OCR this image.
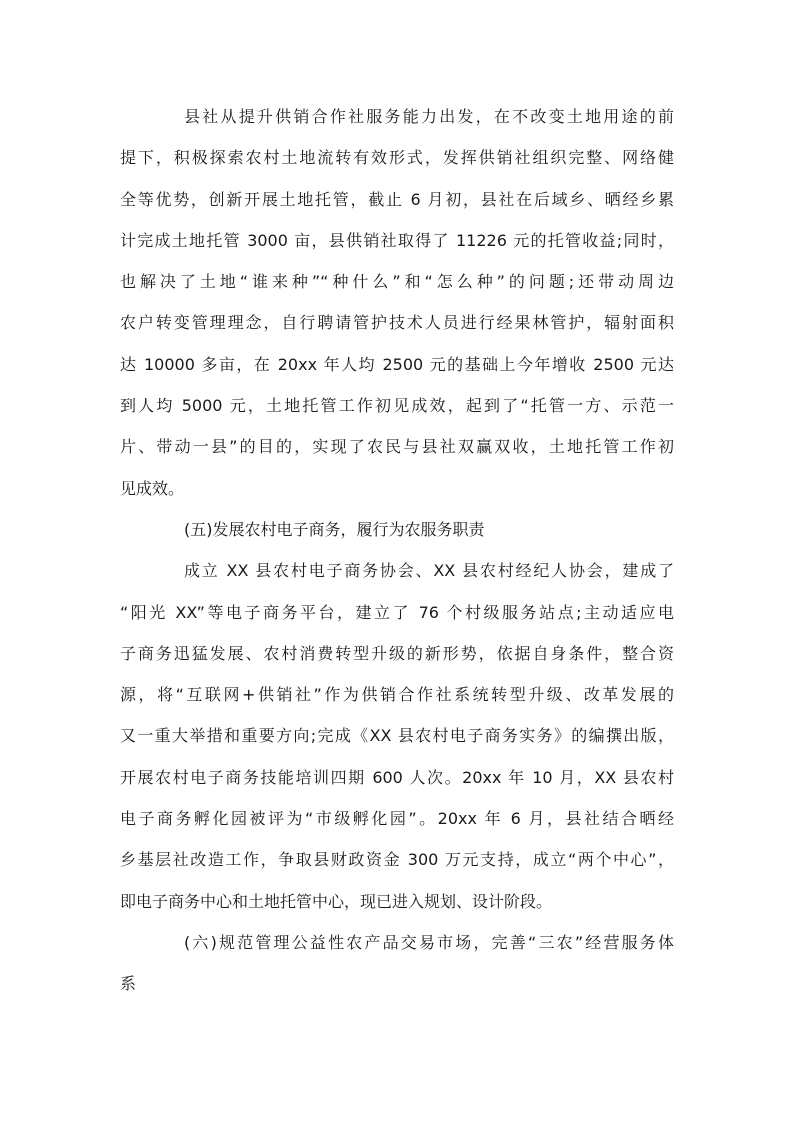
县社从提升供销合作社服务能力出发，在不改变土地用途的前
提下，积极探索农村土地流转有效形式，发挥供销社组织完整、网络健
全等优势，创新开展土地托管，截止 6 月初，县社在后域乡、晒经乡累
计完成土地托管 3000 亩，县供销社取得了 11226 元的托管收益;同时，
也解决了土地“谁来种”“种什么”和“怎么种”的问题;还带动周边
农户转变管理理念，自行聘请管护技术人员进行经果林管护，辐射面积
达 10000 多亩，在 20xx 年人均 2500 元的基础上今年增收 2500 元达
到人均 5000 元，土地托管工作初见成效，起到了“托管一方、示范一
片、带动一县”的目的，实现了农民与县社双赢双收，土地托管工作初
见成效。
(五)发展农村电子商务，履行为农服务职责
成立 XX 县农村电子商务协会、XX 县农村经纪人协会，建成了
“阳光 XX”等电子商务平台，建立了 76 个村级服务站点;主动适应电
子商务迅猛发展、农村消费转型升级的新形势，依据自身条件，整合资
源，将“互联网+供销社”作为供销合作社系统转型升级、改革发展的
又一重大举措和重要方向;完成《XX 县农村电子商务实务》的编撰出版，
开展农村电子商务技能培训四期 600 人次。20xx 年 10 月，XX 县农村
电子商务孵化园被评为“市级孵化园”。20xx 年 6 月，县社结合晒经
乡基层社改造工作，争取县财政资金 300 万元支持，成立“两个中心”，
即电子商务中心和土地托管中心，现已进入规划、设计阶段。
(六)规范管理公益性农产品交易市场，完善“三农”经营服务体
系
